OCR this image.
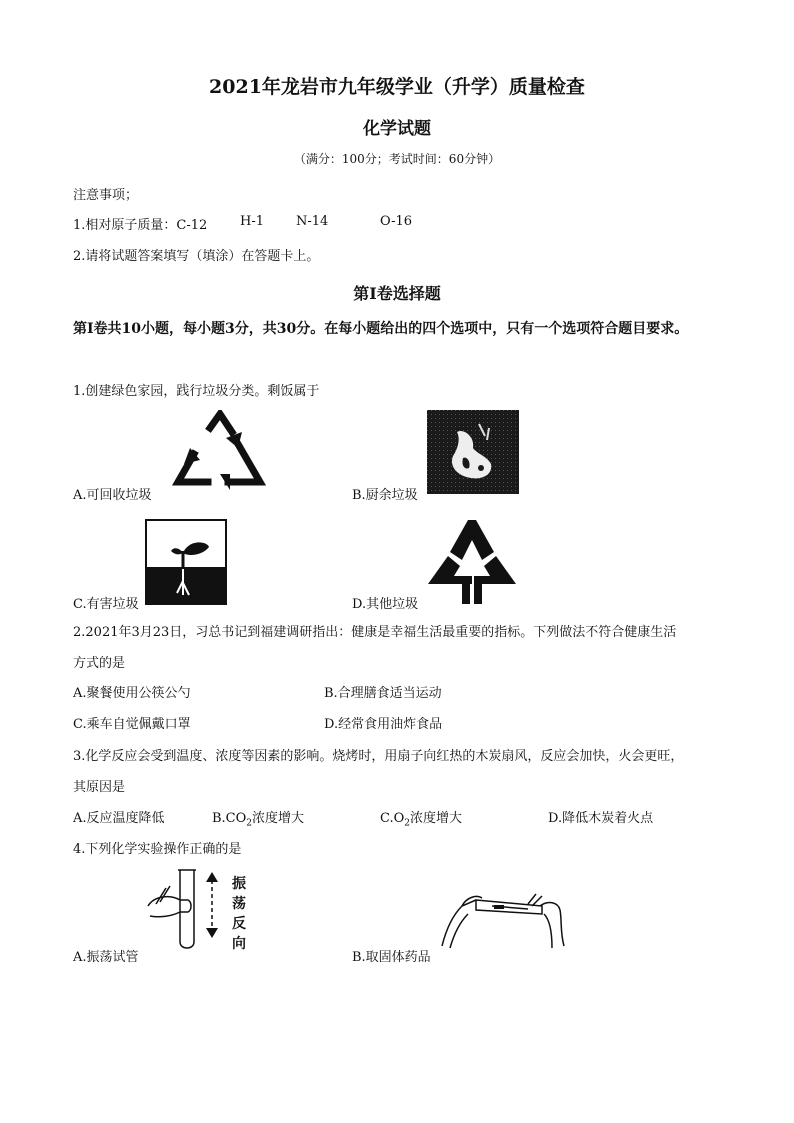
2021年龙岩市九年级学业（升学）质量检查
化学试题
（满分：100分；考试时间：60分钟）
注意事项；
1.相对原子质量：C-12	H-1 N-14	O-16
2.请将试题答案填写（填涂）在答题卡上。
第Ⅰ卷选择题
第Ⅰ卷共10小题，每小题3分，共30分。在每小题给出的四个选项中，只有一个选项符合题目要求。
1.创建绿色家园，践行垃圾分类。剩饭属于
A.可回收垃圾	B.厨余垃圾
C.有害垃圾	D.其他垃圾
2.2021年3月23日，习总书记到福建调研指出：健康是幸福生活最重要的指标。下列做法不符合健康生活
方式的是
A.聚餐使用公筷公勺	B.合理膳食适当运动
C.乘车自觉佩戴口罩	D.经常食用油炸食品
3.化学反应会受到温度、浓度等因素的影响。烧烤时，用扇子向红热的木炭扇风，反应会加快，火会更旺，
其原因是
A.反应温度降低	$B.CO_2$浓度增大	$C.O_2$浓度增大	D.降低木炭着火点
4.下列化学实验操作正确的是
振
荡
反
向
A.振荡试管	B.取固体药品
